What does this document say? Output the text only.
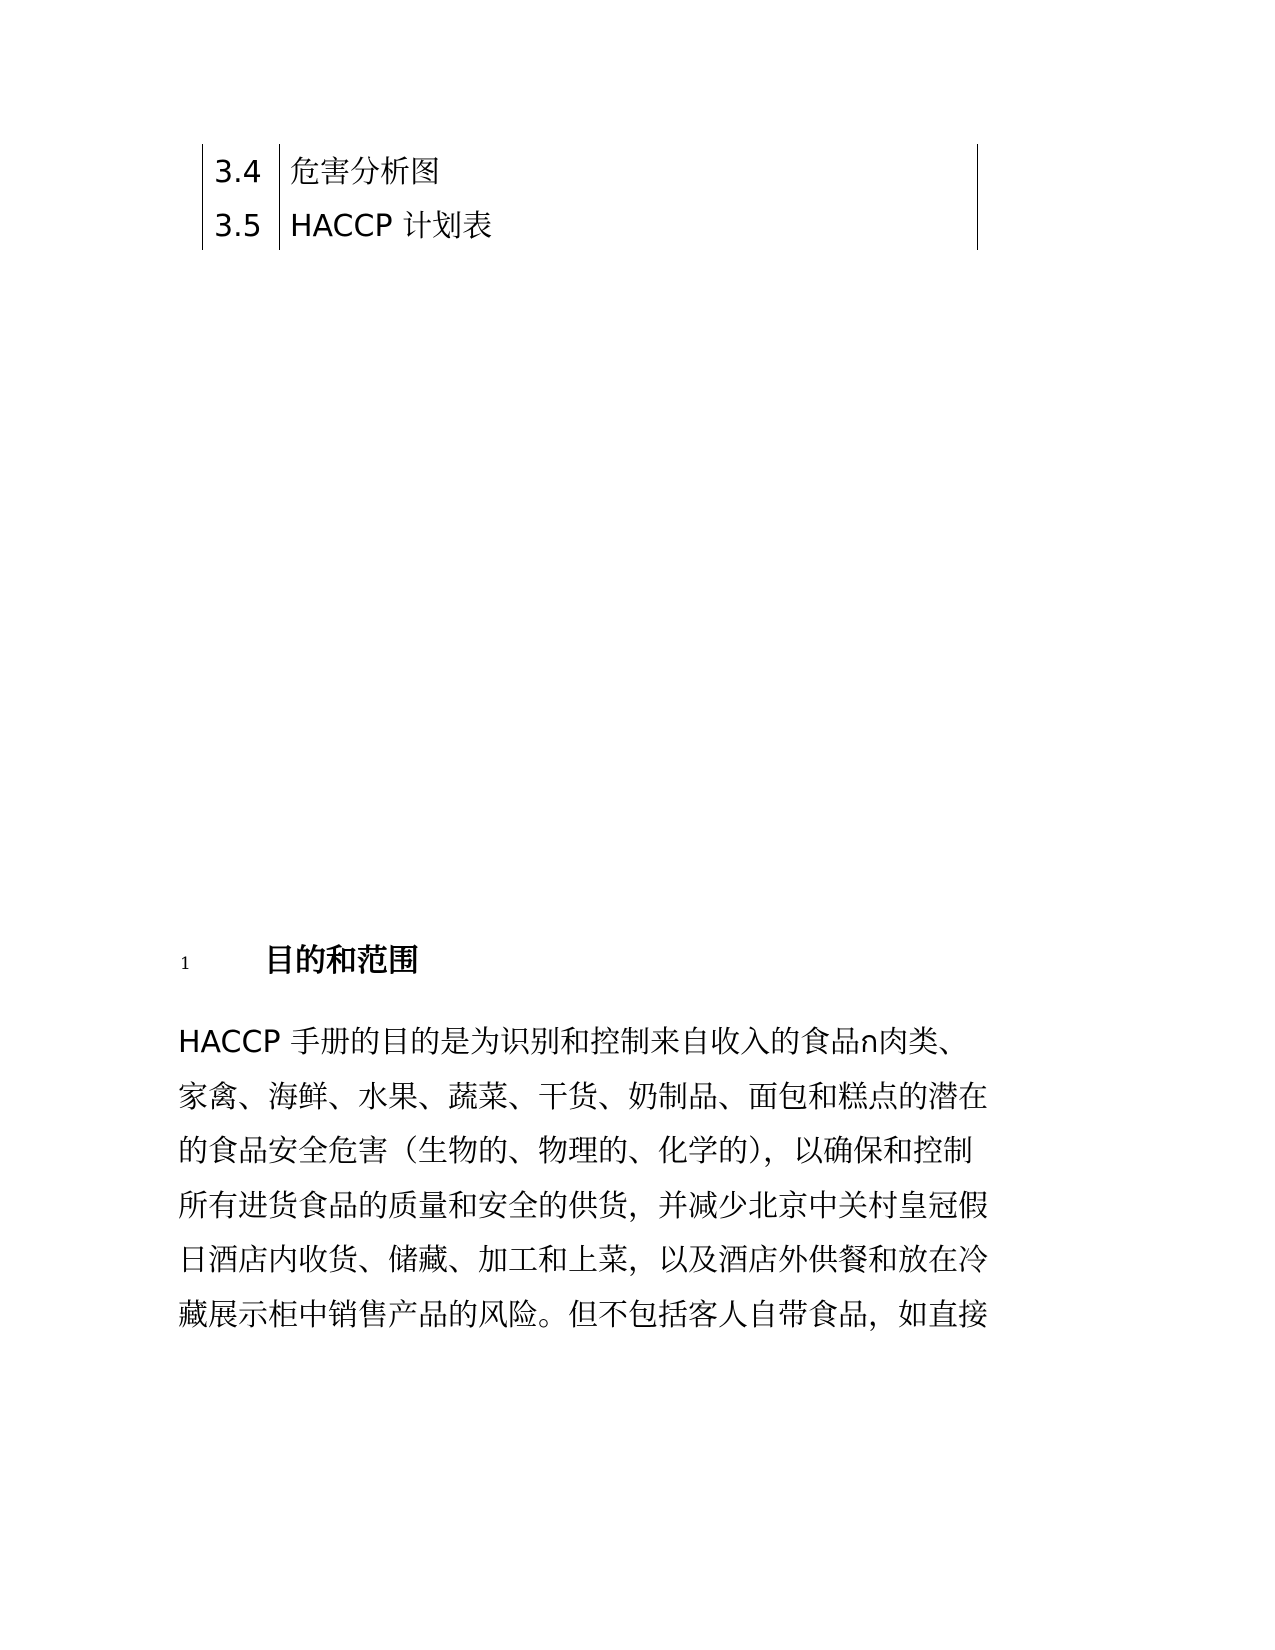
3.4 危害分析图
3.5 HACCP 计划表
1 目的和范围
HACCP 手册的目的是为识别和控制来自收入的食品ก肉类、
家禽、海鲜、水果、蔬菜、干货、奶制品、面包和糕点的潜在
的食品安全危害（生物的、物理的、化学的），以确保和控制
所有进货食品的质量和安全的供货，并减少北京中关村皇冠假
日酒店内收货、储藏、加工和上菜，以及酒店外供餐和放在冷
藏展示柜中销售产品的风险。但不包括客人自带食品，如直接
